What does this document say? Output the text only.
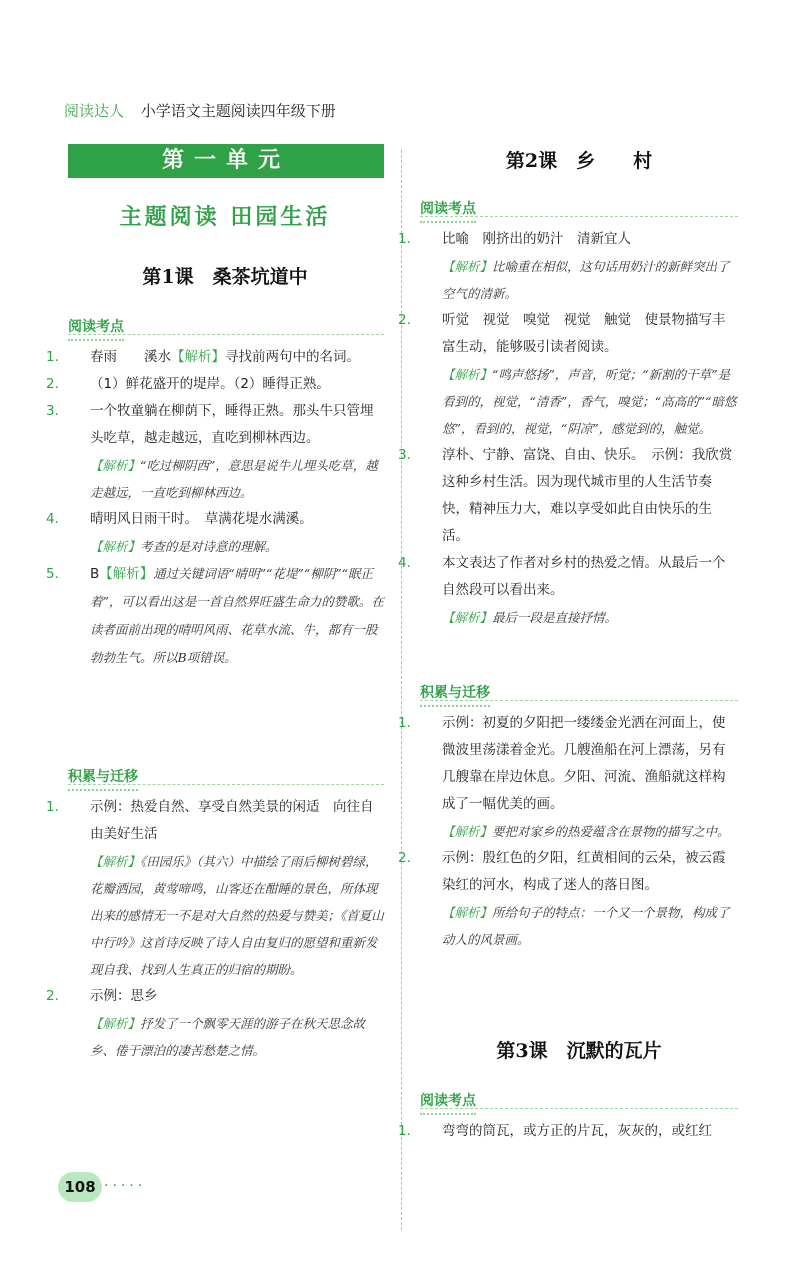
阅读达人 小学语文主题阅读四年级下册
第一单元
主题阅读 田园生活
第1课　桑茶坑道中
阅读考点
1. 春雨　　溪水【解析】寻找前两句中的名词。
2. （1）鲜花盛开的堤岸。（2）睡得正熟。
3. 一个牧童躺在柳荫下，睡得正熟。那头牛只管埋头吃草，越走越远，直吃到柳林西边。
【解析】“吃过柳阴西”，意思是说牛儿埋头吃草，越走越远，一直吃到柳林西边。
4. 晴明风日雨干时。　草满花堤水满溪。
【解析】考查的是对诗意的理解。
5. B【解析】通过关键词语“晴明”“花堤”“柳阴”“眠正着”，可以看出这是一首自然界旺盛生命力的赞歌。在读者面前出现的晴明风雨、花草水流、牛，都有一股勃勃生气。所以B项错误。
积累与迁移
1. 示例：热爱自然、享受自然美景的闲适　向往自由美好生活
【解析】《田园乐》（其六）中描绘了雨后柳树碧绿，花瓣洒园，黄莺啼鸣，山客还在酣睡的景色，所体现出来的感情无一不是对大自然的热爱与赞美；《首夏山中行吟》这首诗反映了诗人自由复归的愿望和重新发现自我、找到人生真正的归宿的期盼。
2. 示例：思乡
【解析】抒发了一个飘零天涯的游子在秋天思念故乡、倦于漂泊的凄苦愁楚之情。
第2课　乡　　村
阅读考点
1. 比喻　刚挤出的奶汁　清新宜人
【解析】比喻重在相似，这句话用奶汁的新鲜突出了空气的清新。
2. 听觉　视觉　嗅觉　视觉　触觉　使景物描写丰富生动，能够吸引读者阅读。
【解析】“鸣声悠扬”，声音，听觉；“新割的干草”是看到的，视觉，“清香”，香气，嗅觉；“高高的”“暗悠悠”，看到的，视觉，“阴凉”，感觉到的，触觉。
3. 淳朴、宁静、富饶、自由、快乐。　示例：我欣赏这种乡村生活。因为现代城市里的人生活节奏快，精神压力大，难以享受如此自由快乐的生活。
4. 本文表达了作者对乡村的热爱之情。从最后一个自然段可以看出来。
【解析】最后一段是直接抒情。
积累与迁移
1. 示例：初夏的夕阳把一缕缕金光洒在河面上，使微波里荡漾着金光。几艘渔船在河上漂荡，另有几艘靠在岸边休息。夕阳、河流、渔船就这样构成了一幅优美的画。
【解析】要把对家乡的热爱蕴含在景物的描写之中。
2. 示例：殷红色的夕阳，红黄相间的云朵，被云霞染红的河水，构成了迷人的落日图。
【解析】所给句子的特点：一个又一个景物，构成了动人的风景画。
第3课　沉默的瓦片
阅读考点
1. 弯弯的筒瓦，或方正的片瓦，灰灰的，或红红
108 ·····
